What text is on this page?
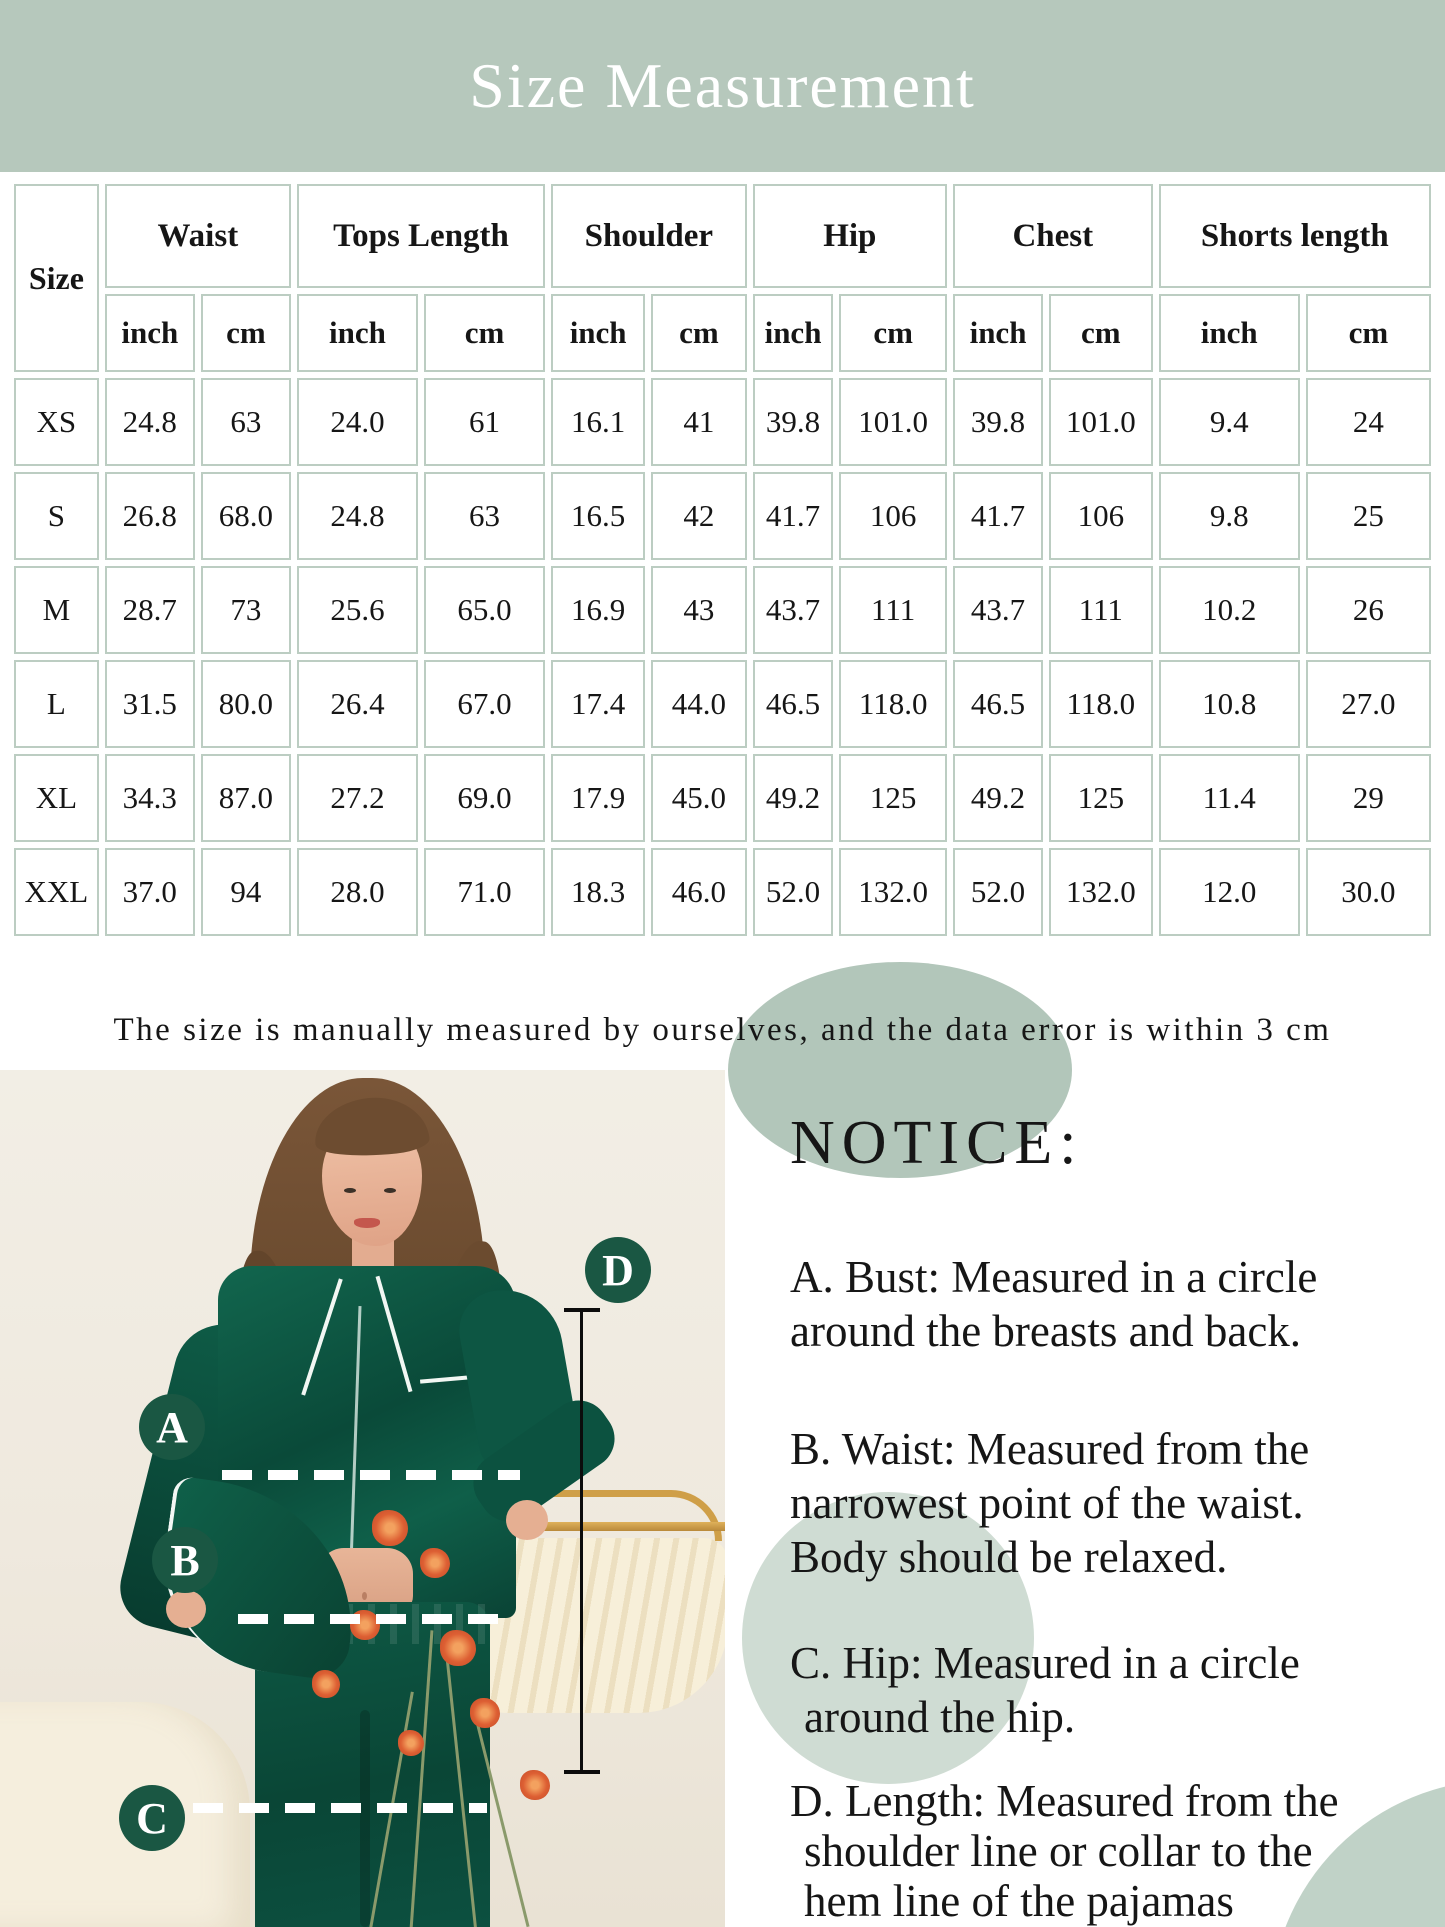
Size Measurement
Size	Waist		Tops Length		Shoulder		Hip		Chest		Shorts length	
	inch	cm	inch	cm	inch	cm	inch	cm	inch	cm	inch	cm
XS	24.8	63	24.0	61	16.1	41	39.8	101.0	39.8	101.0	9.4	24
S	26.8	68.0	24.8	63	16.5	42	41.7	106	41.7	106	9.8	25
M	28.7	73	25.6	65.0	16.9	43	43.7	111	43.7	111	10.2	26
L	31.5	80.0	26.4	67.0	17.4	44.0	46.5	118.0	46.5	118.0	10.8	27.0
XL	34.3	87.0	27.2	69.0	17.9	45.0	49.2	125	49.2	125	11.4	29
XXL	37.0	94	28.0	71.0	18.3	46.0	52.0	132.0	52.0	132.0	12.0	30.0
The size is manually measured by ourselves, and the data error is within 3 cm
NOTICE:
A. Bust: Measured in a circle
around the breasts and back.
B. Waist: Measured from the
narrowest point of the waist.
Body should be relaxed.
C. Hip: Measured in a circle
around the hip.
D. Length: Measured from the
shoulder line or collar to the
hem line of the pajamas
A
B
C
D
